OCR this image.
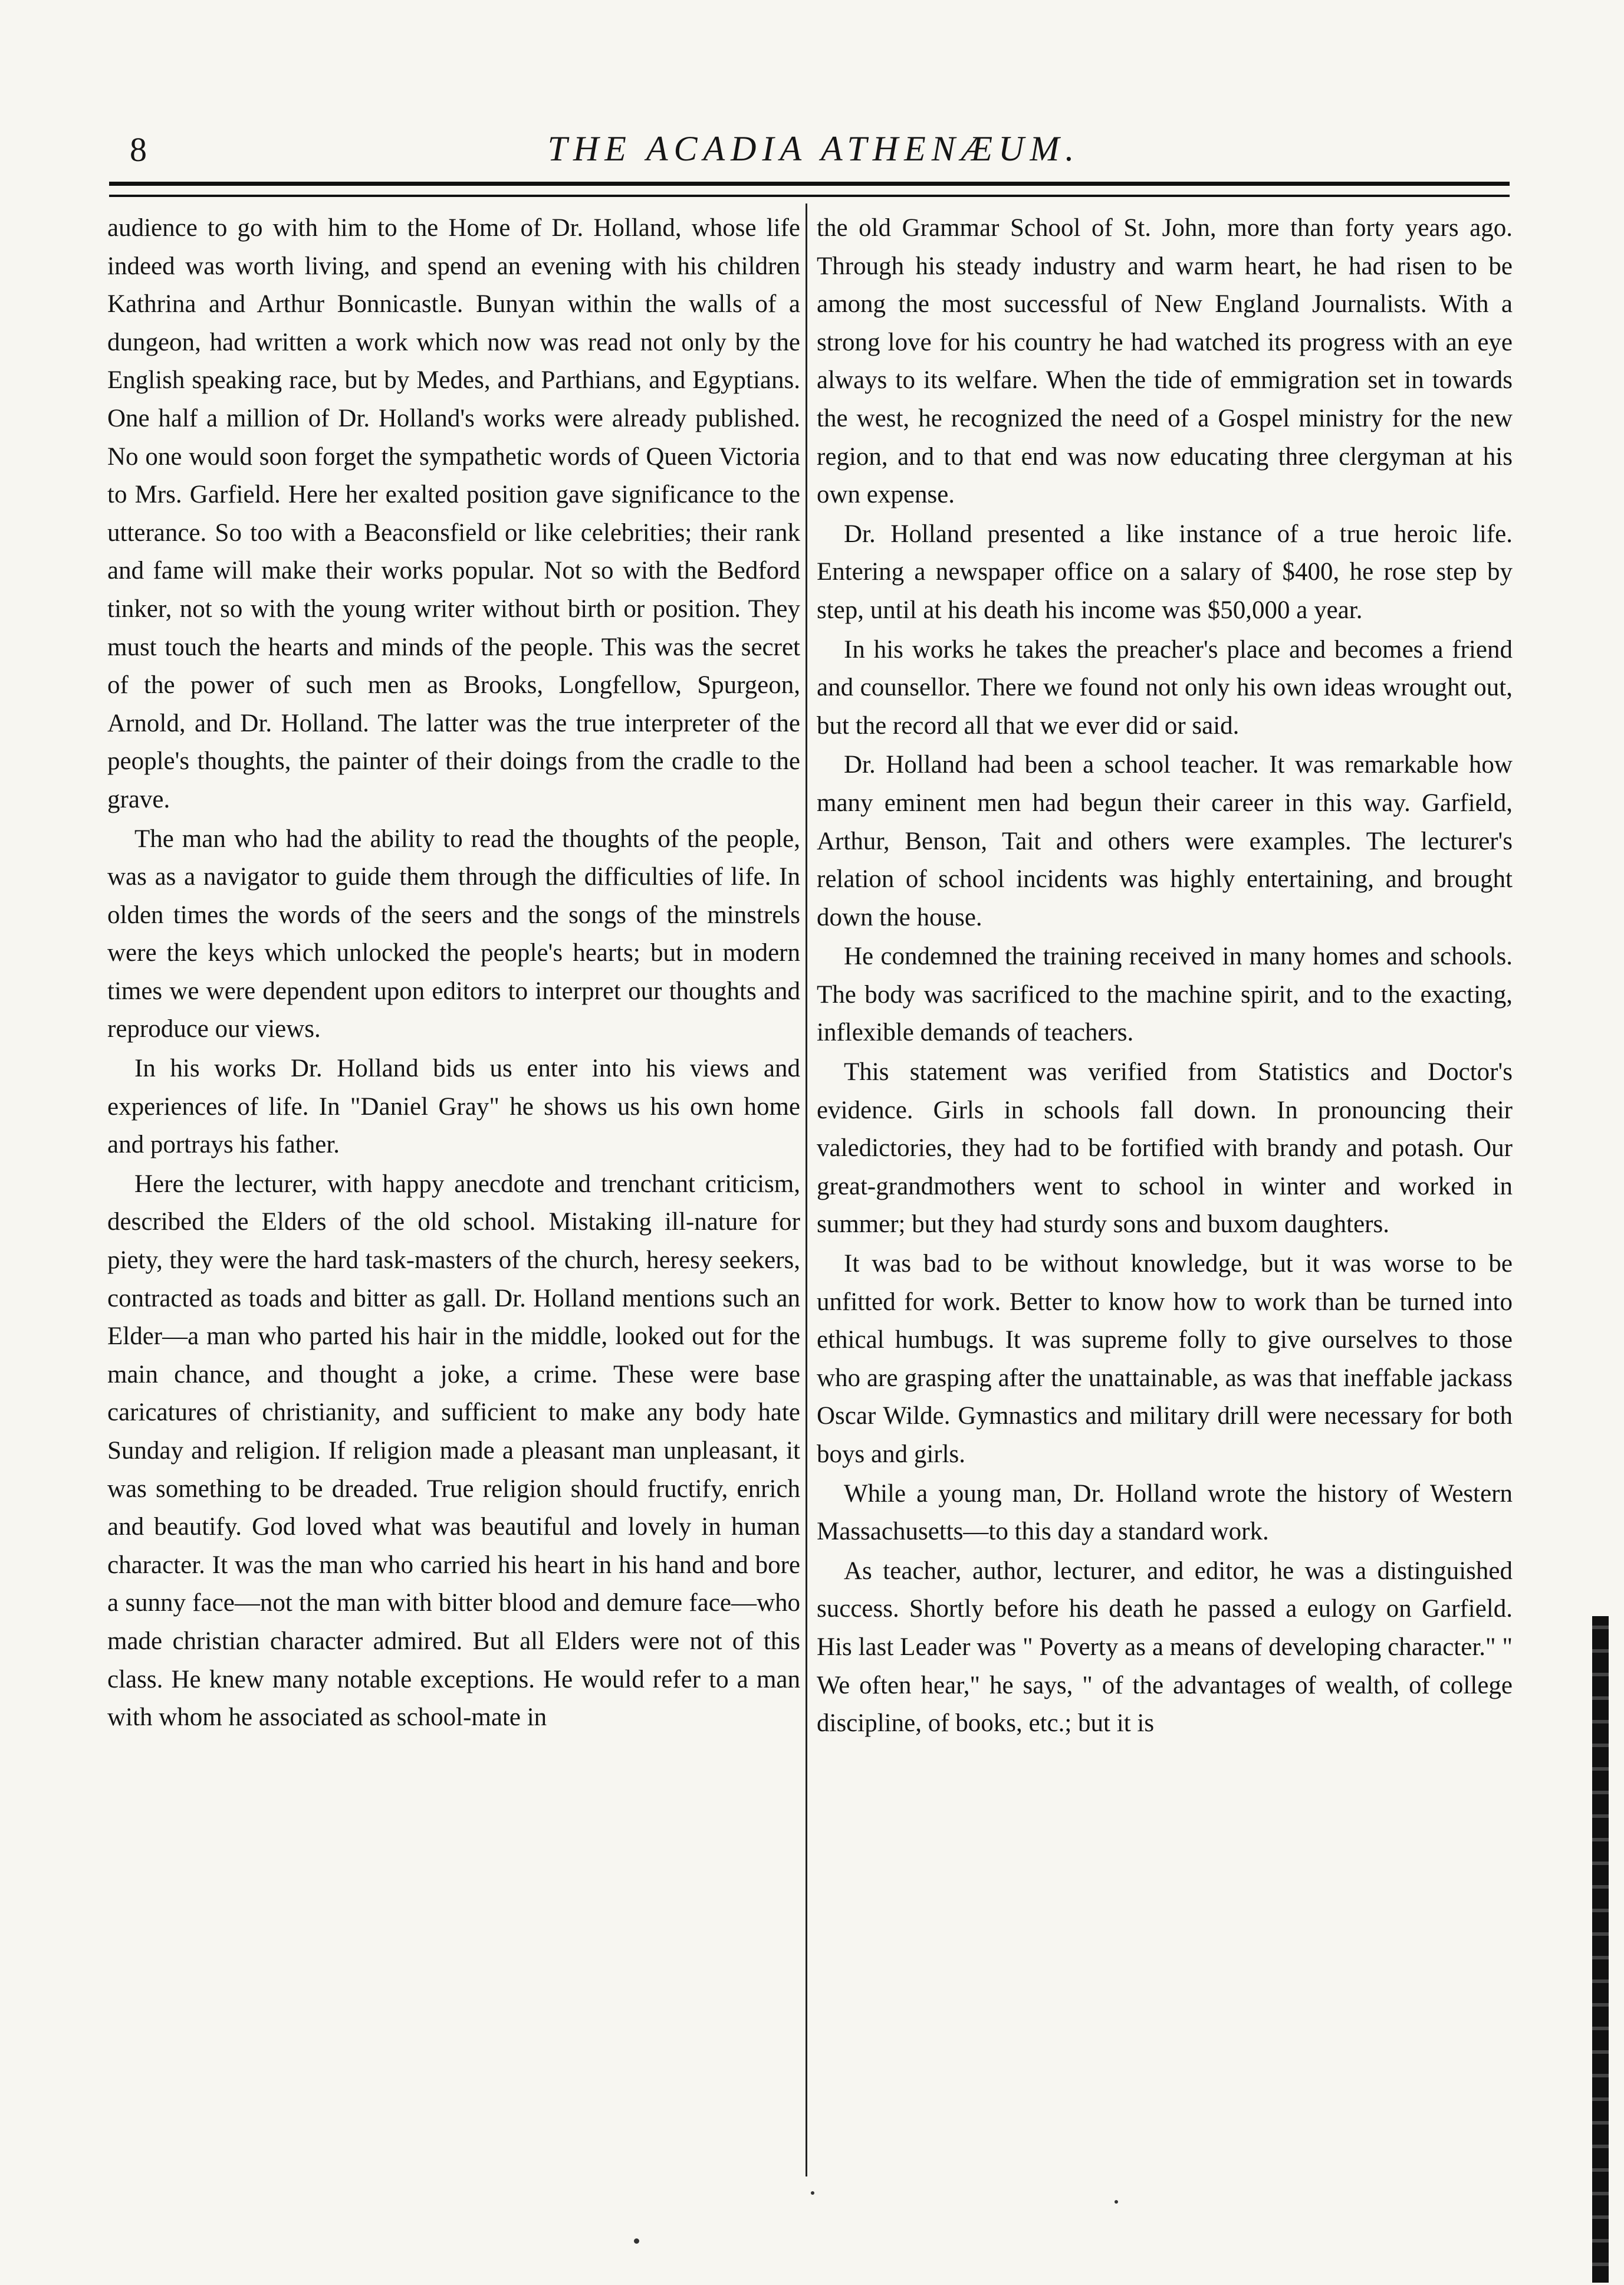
8	THE ACADIA ATHENÆUM.

audience to go with him to the Home of Dr. Holland, whose life indeed was worth living, and spend an evening with his children Kathrina and Arthur Bonnicastle. Bunyan within the walls of a dungeon, had written a work which now was read not only by the English speaking race, but by Medes, and Parthians, and Egyptians. One half a million of Dr. Holland's works were already published. No one would soon forget the sympathetic words of Queen Victoria to Mrs. Garfield. Here her exalted position gave significance to the utterance. So too with a Beaconsfield or like celebrities; their rank and fame will make their works popular. Not so with the Bedford tinker, not so with the young writer without birth or position. They must touch the hearts and minds of the people. This was the secret of the power of such men as Brooks, Longfellow, Spurgeon, Arnold, and Dr. Holland. The latter was the true interpreter of the people's thoughts, the painter of their doings from the cradle to the grave.

The man who had the ability to read the thoughts of the people, was as a navigator to guide them through the difficulties of life. In olden times the words of the seers and the songs of the minstrels were the keys which unlocked the people's hearts; but in modern times we were dependent upon editors to interpret our thoughts and reproduce our views.

In his works Dr. Holland bids us enter into his views and experiences of life. In "Daniel Gray" he shows us his own home and portrays his father.

Here the lecturer, with happy anecdote and trenchant criticism, described the Elders of the old school. Mistaking ill-nature for piety, they were the hard task-masters of the church, heresy seekers, contracted as toads and bitter as gall. Dr. Holland mentions such an Elder—a man who parted his hair in the middle, looked out for the main chance, and thought a joke, a crime. These were base caricatures of christianity, and sufficient to make any body hate Sunday and religion. If religion made a pleasant man unpleasant, it was something to be dreaded. True religion should fructify, enrich and beautify. God loved what was beautiful and lovely in human character. It was the man who carried his heart in his hand and bore a sunny face—not the man with bitter blood and demure face—who made christian character admired. But all Elders were not of this class. He knew many notable exceptions. He would refer to a man with whom he associated as school-mate in

the old Grammar School of St. John, more than forty years ago. Through his steady industry and warm heart, he had risen to be among the most successful of New England Journalists. With a strong love for his country he had watched its progress with an eye always to its welfare. When the tide of emmigration set in towards the west, he recognized the need of a Gospel ministry for the new region, and to that end was now educating three clergyman at his own expense.

Dr. Holland presented a like instance of a true heroic life. Entering a newspaper office on a salary of $400, he rose step by step, until at his death his income was $50,000 a year.

In his works he takes the preacher's place and becomes a friend and counsellor. There we found not only his own ideas wrought out, but the record all that we ever did or said.

Dr. Holland had been a school teacher. It was remarkable how many eminent men had begun their career in this way. Garfield, Arthur, Benson, Tait and others were examples. The lecturer's relation of school incidents was highly entertaining, and brought down the house.

He condemned the training received in many homes and schools. The body was sacrificed to the machine spirit, and to the exacting, inflexible demands of teachers.

This statement was verified from Statistics and Doctor's evidence. Girls in schools fall down. In pronouncing their valedictories, they had to be fortified with brandy and potash. Our great-grandmothers went to school in winter and worked in summer; but they had sturdy sons and buxom daughters.

It was bad to be without knowledge, but it was worse to be unfitted for work. Better to know how to work than be turned into ethical humbugs. It was supreme folly to give ourselves to those who are grasping after the unattainable, as was that ineffable jackass Oscar Wilde. Gymnastics and military drill were necessary for both boys and girls.

While a young man, Dr. Holland wrote the history of Western Massachusetts—to this day a standard work.

As teacher, author, lecturer, and editor, he was a distinguished success. Shortly before his death he passed a eulogy on Garfield. His last Leader was " Poverty as a means of developing character." " We often hear," he says, " of the advantages of wealth, of college discipline, of books, etc.; but it is
